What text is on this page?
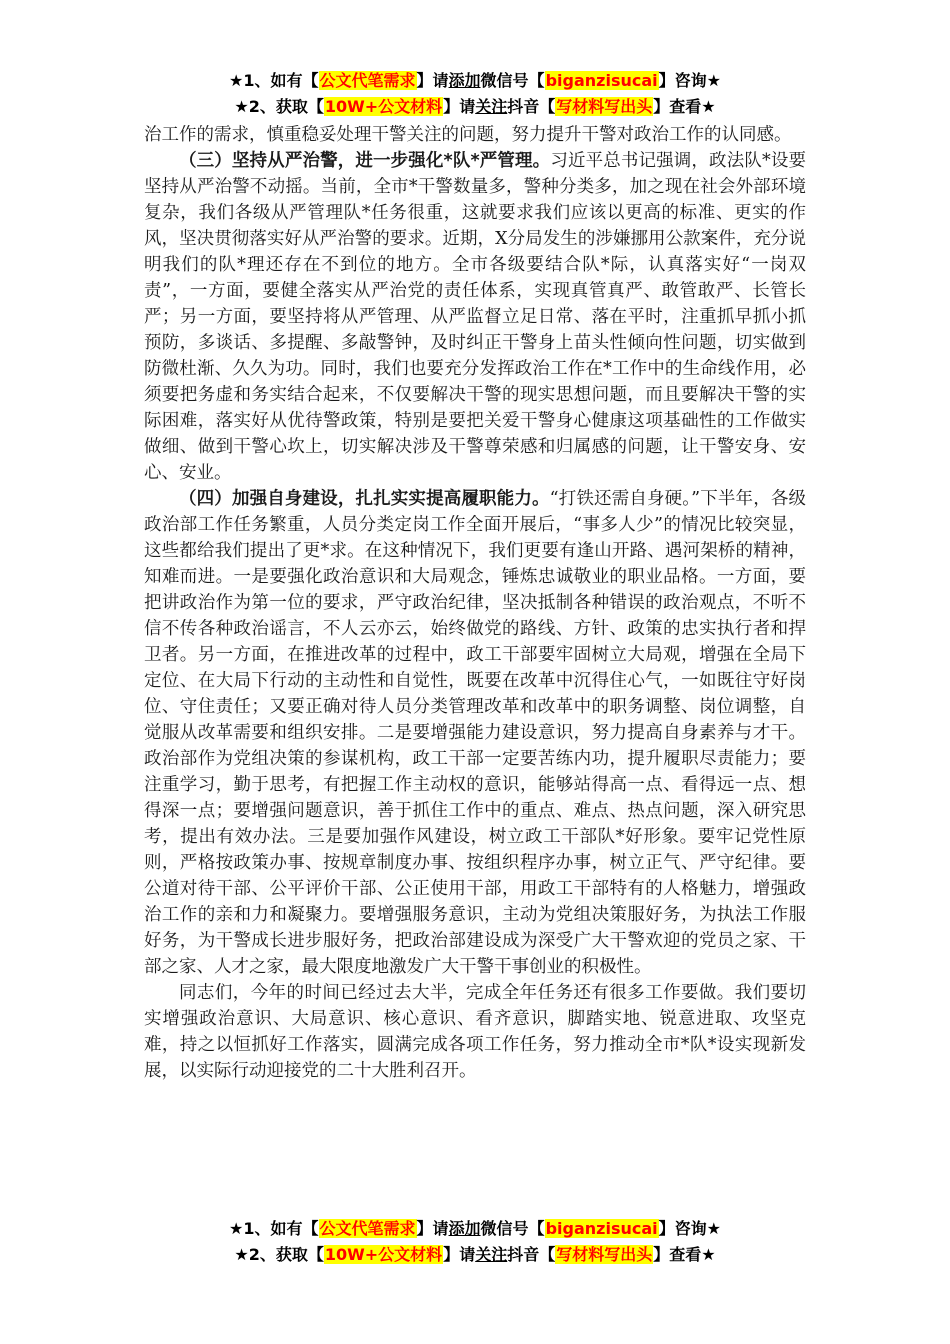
★1、如有【公文代笔需求】请添加微信号【biganzisucai】咨询★
★2、获取【10W+公文材料】请关注抖音【写材料写出头】查看★

治工作的需求，慎重稳妥处理干警关注的问题，努力提升干警对政治工作的认同感。

（三）坚持从严治警，进一步强化*队*严管理。习近平总书记强调，政法队*设要坚持从严治警不动摇。当前，全市*干警数量多，警种分类多，加之现在社会外部环境复杂，我们各级从严管理队*任务很重，这就要求我们应该以更高的标准、更实的作风，坚决贯彻落实好从严治警的要求。近期，X分局发生的涉嫌挪用公款案件，充分说明我们的队*理还存在不到位的地方。全市各级要结合队*际，认真落实好“一岗双责”，一方面，要健全落实从严治党的责任体系，实现真管真严、敢管敢严、长管长严；另一方面，要坚持将从严管理、从严监督立足日常、落在平时，注重抓早抓小抓预防，多谈话、多提醒、多敲警钟，及时纠正干警身上苗头性倾向性问题，切实做到防微杜渐、久久为功。同时，我们也要充分发挥政治工作在*工作中的生命线作用，必须要把务虚和务实结合起来，不仅要解决干警的现实思想问题，而且要解决干警的实际困难，落实好从优待警政策，特别是要把关爱干警身心健康这项基础性的工作做实做细、做到干警心坎上，切实解决涉及干警尊荣感和归属感的问题，让干警安身、安心、安业。

（四）加强自身建设，扎扎实实提高履职能力。“打铁还需自身硬。”下半年，各级政治部工作任务繁重，人员分类定岗工作全面开展后，“事多人少”的情况比较突显，这些都给我们提出了更*求。在这种情况下，我们更要有逢山开路、遇河架桥的精神，知难而进。一是要强化政治意识和大局观念，锤炼忠诚敬业的职业品格。一方面，要把讲政治作为第一位的要求，严守政治纪律，坚决抵制各种错误的政治观点，不听不信不传各种政治谣言，不人云亦云，始终做党的路线、方针、政策的忠实执行者和捍卫者。另一方面，在推进改革的过程中，政工干部要牢固树立大局观，增强在全局下定位、在大局下行动的主动性和自觉性，既要在改革中沉得住心气，一如既往守好岗位、守住责任；又要正确对待人员分类管理改革和改革中的职务调整、岗位调整，自觉服从改革需要和组织安排。二是要增强能力建设意识，努力提高自身素养与才干。政治部作为党组决策的参谋机构，政工干部一定要苦练内功，提升履职尽责能力；要注重学习，勤于思考，有把握工作主动权的意识，能够站得高一点、看得远一点、想得深一点；要增强问题意识，善于抓住工作中的重点、难点、热点问题，深入研究思考，提出有效办法。三是要加强作风建设，树立政工干部队*好形象。要牢记党性原则，严格按政策办事、按规章制度办事、按组织程序办事，树立正气、严守纪律。要公道对待干部、公平评价干部、公正使用干部，用政工干部特有的人格魅力，增强政治工作的亲和力和凝聚力。要增强服务意识，主动为党组决策服好务，为执法工作服好务，为干警成长进步服好务，把政治部建设成为深受广大干警欢迎的党员之家、干部之家、人才之家，最大限度地激发广大干警干事创业的积极性。

同志们，今年的时间已经过去大半，完成全年任务还有很多工作要做。我们要切实增强政治意识、大局意识、核心意识、看齐意识，脚踏实地、锐意进取、攻坚克难，持之以恒抓好工作落实，圆满完成各项工作任务，努力推动全市*队*设实现新发展，以实际行动迎接党的二十大胜利召开。

★1、如有【公文代笔需求】请添加微信号【biganzisucai】咨询★
★2、获取【10W+公文材料】请关注抖音【写材料写出头】查看★
